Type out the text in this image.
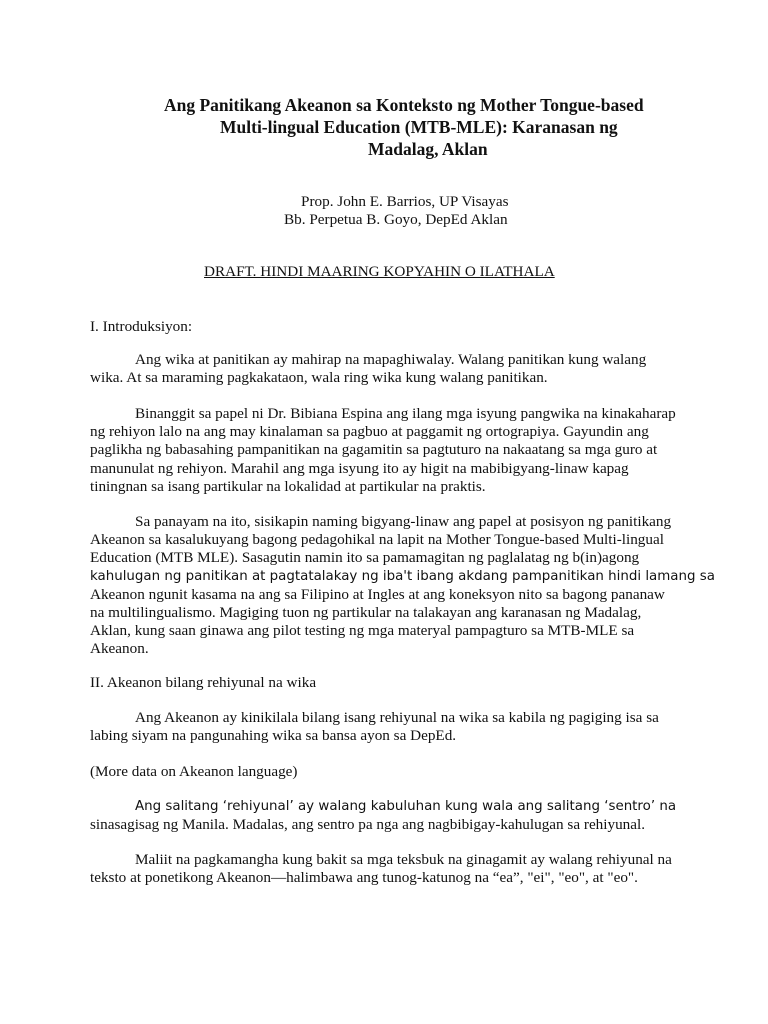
Ang Panitikang Akeanon sa Konteksto ng Mother Tongue-based
Multi-lingual Education (MTB-MLE): Karanasan ng
Madalag, Aklan
Prop. John E. Barrios, UP Visayas
Bb. Perpetua B. Goyo, DepEd Aklan
DRAFT. HINDI MAARING KOPYAHIN O ILATHALA
I. Introduksiyon:
Ang wika at panitikan ay mahirap na mapaghiwalay. Walang panitikan kung walang
wika. At sa maraming pagkakataon, wala ring wika kung walang panitikan.
Binanggit sa papel ni Dr. Bibiana Espina ang ilang mga isyung pangwika na kinakaharap
ng rehiyon lalo na ang may kinalaman sa pagbuo at paggamit ng ortograpiya. Gayundin ang
paglikha ng babasahing pampanitikan na gagamitin sa pagtuturo na nakaatang sa mga guro at
manunulat ng rehiyon. Marahil ang mga isyung ito ay higit na mabibigyang-linaw kapag
tiningnan sa isang partikular na lokalidad at partikular na praktis.
Sa panayam na ito, sisikapin naming bigyang-linaw ang papel at posisyon ng panitikang
Akeanon sa kasalukuyang bagong pedagohikal na lapit na Mother Tongue-based Multi-lingual
Education (MTB MLE). Sasagutin namin ito sa pamamagitan ng paglalatag ng b(in)agong
kahulugan ng panitikan at pagtatalakay ng iba't ibang akdang pampanitikan hindi lamang sa
Akeanon ngunit kasama na ang sa Filipino at Ingles at ang koneksyon nito sa bagong pananaw
na multilingualismo. Magiging tuon ng partikular na talakayan ang karanasan ng Madalag,
Aklan, kung saan ginawa ang pilot testing ng mga materyal pampagturo sa MTB-MLE sa
Akeanon.
II. Akeanon bilang rehiyunal na wika
Ang Akeanon ay kinikilala bilang isang rehiyunal na wika sa kabila ng pagiging isa sa
labing siyam na pangunahing wika sa bansa ayon sa DepEd.
(More data on Akeanon language)
Ang salitang ‘rehiyunal’ ay walang kabuluhan kung wala ang salitang ‘sentro’ na
sinasagisag ng Manila. Madalas, ang sentro pa nga ang nagbibigay-kahulugan sa rehiyunal.
Maliit na pagkamangha kung bakit sa mga teksbuk na ginagamit ay walang rehiyunal na
teksto at ponetikong Akeanon—halimbawa ang tunog-katunog na “ea”, "ei", "eo", at "eo".
